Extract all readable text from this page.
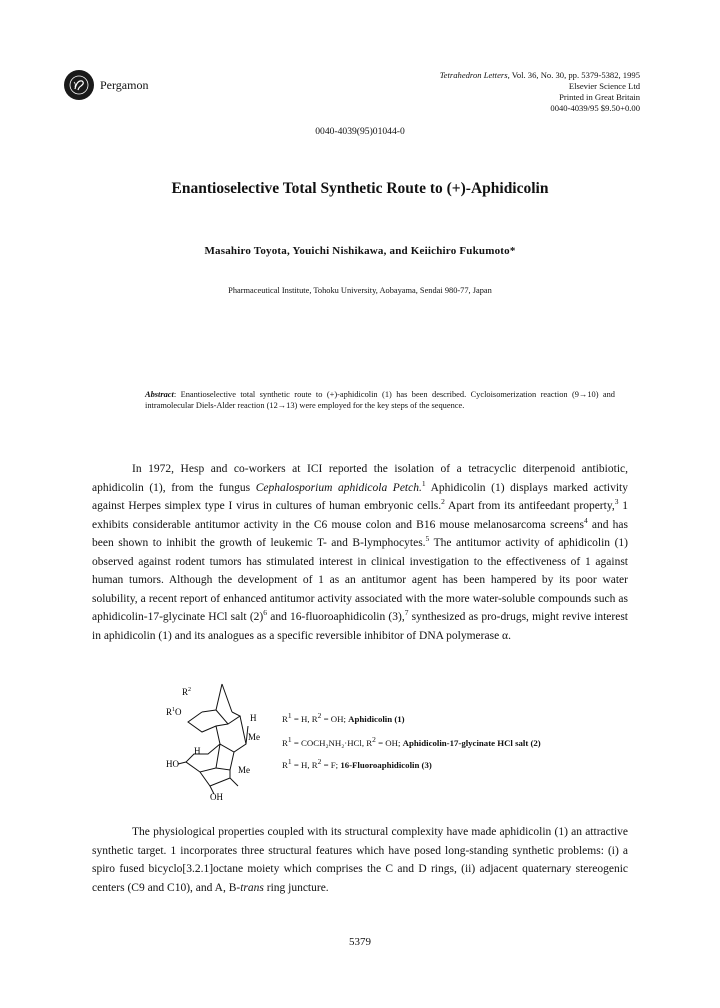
Pergamon
Tetrahedron Letters, Vol. 36, No. 30, pp. 5379-5382, 1995
Elsevier Science Ltd
Printed in Great Britain
0040-4039/95 $9.50+0.00
0040-4039(95)01044-0
Enantioselective Total Synthetic Route to (+)-Aphidicolin
Masahiro Toyota, Youichi Nishikawa, and Keiichiro Fukumoto*
Pharmaceutical Institute, Tohoku University, Aobayama, Sendai 980-77, Japan
Abstract: Enantioselective total synthetic route to (+)-aphidicolin (1) has been described. Cycloisomerization reaction (9→10) and intramolecular Diels-Alder reaction (12→13) were employed for the key steps of the sequence.
In 1972, Hesp and co-workers at ICI reported the isolation of a tetracyclic diterpenoid antibiotic, aphidicolin (1), from the fungus Cephalosporium aphidicola Petch.$^1$ Aphidicolin (1) displays marked activity against Herpes simplex type I virus in cultures of human embryonic cells.$^2$ Apart from its antifeedant property,$^3$ 1 exhibits considerable antitumor activity in the C6 mouse colon and B16 mouse melanosarcoma screens$^4$ and has been shown to inhibit the growth of leukemic T- and B-lymphocytes.$^5$ The antitumor activity of aphidicolin (1) observed against rodent tumors has stimulated interest in clinical investigation to the effectiveness of 1 against human tumors. Although the development of 1 as an antitumor agent has been hampered by its poor water solubility, a recent report of enhanced antitumor activity associated with the more water-soluble compounds such as aphidicolin-17-glycinate HCl salt $(2)^6$ and 16-fluoroaphidicolin (3),$^7$ synthesized as pro-drugs, might revive interest in aphidicolin (1) and its analogues as a specific reversible inhibitor of DNA polymerase α.
$R^2$
$R^1O$
H
Me
H
HO
Me
OH
$R^1 = H$, $R^2$ = OH; Aphidicolin (1)
$R^1$ = COCH₂NH₂·HCl, $R^2$ = OH; Aphidicolin-17-glycinate HCl salt (2)
$R^1 = H$, $R^2 = F$; 16-Fluoroaphidicolin (3)
The physiological properties coupled with its structural complexity have made aphidicolin (1) an attractive synthetic target. 1 incorporates three structural features which have posed long-standing synthetic problems: (i) a spiro fused bicyclo[3.2.1]octane moiety which comprises the C and D rings, (ii) adjacent quaternary stereogenic centers (C9 and C10), and A, B-trans ring juncture.
5379
